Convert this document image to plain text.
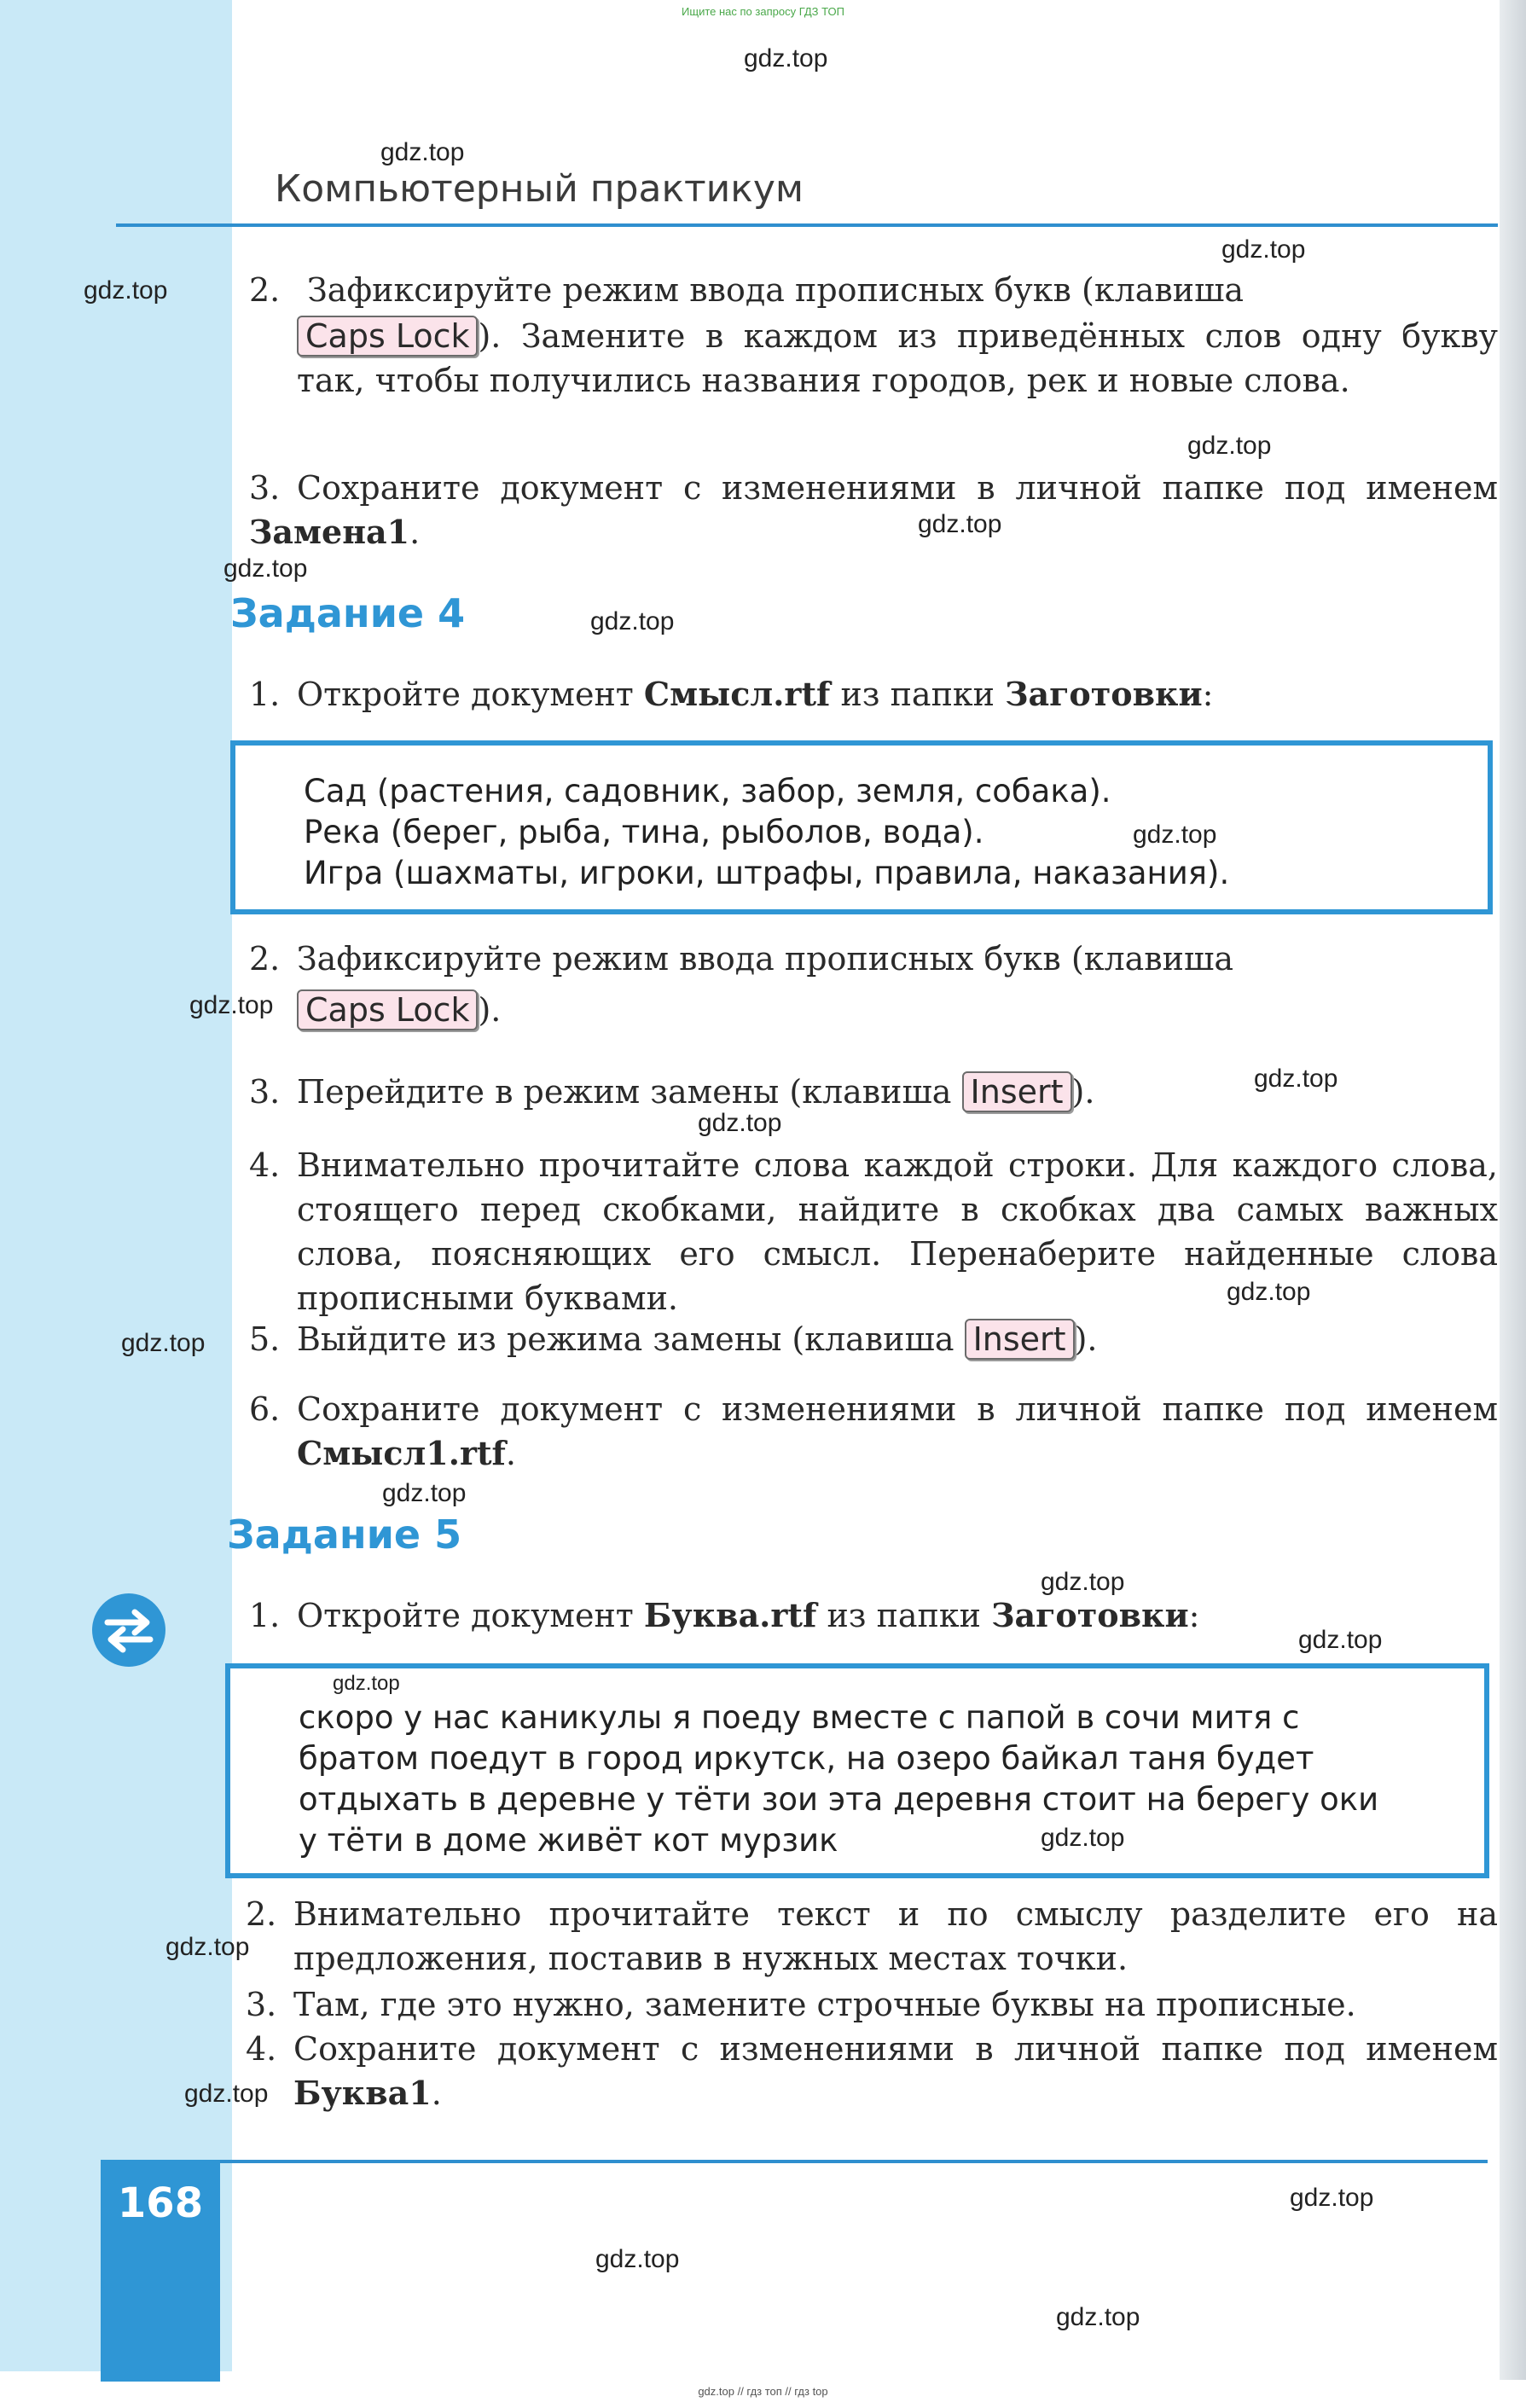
Ищите нас по запросу ГДЗ ТОП
Компьютерный практикум
2. Зафиксируйте режим ввода прописных букв (клавиша
Caps Lock ). Замените в каждом из приведённых слов одну букву так, чтобы получились названия городов, рек и новые слова.
3. Сохраните документ с изменениями в личной папке под именем Замена1.
Задание 4
1. Откройте документ Смысл.rtf из папки Заготовки:
Сад (растения, садовник, забор, земля, собака).
Река (берег, рыба, тина, рыболов, вода).
Игра (шахматы, игроки, штрафы, правила, наказания).
2. Зафиксируйте режим ввода прописных букв (клавиша
Caps Lock ).
3. Перейдите в режим замены (клавиша Insert ).
4. Внимательно прочитайте слова каждой строки. Для каждого слова, стоящего перед скобками, найдите в скобках два самых важных слова, поясняющих его смысл. Перенаберите найденные слова прописными буквами.
5. Выйдите из режима замены (клавиша Insert ).
6. Сохраните документ с изменениями в личной папке под именем Смысл1.rtf.
Задание 5
1. Откройте документ Буква.rtf из папки Заготовки:
скоро у нас каникулы я поеду вместе с папой в сочи митя с
братом поедут в город иркутск, на озеро байкал таня будет
отдыхать в деревне у тёти зои эта деревня стоит на берегу оки
у тёти в доме живёт кот мурзик
2. Внимательно прочитайте текст и по смыслу разделите его на предложения, поставив в нужных местах точки.
3. Там, где это нужно, замените строчные буквы на прописные.
4. Сохраните документ с изменениями в личной папке под именем Буква1.
168
gdz.top // гдз топ // гдз top
gdz.top
gdz.top
gdz.top
gdz.top
gdz.top
gdz.top
gdz.top
gdz.top
gdz.top
gdz.top
gdz.top
gdz.top
gdz.top
gdz.top
gdz.top
gdz.top
gdz.top
gdz.top
gdz.top
gdz.top
gdz.top
gdz.top
gdz.top
gdz.top
